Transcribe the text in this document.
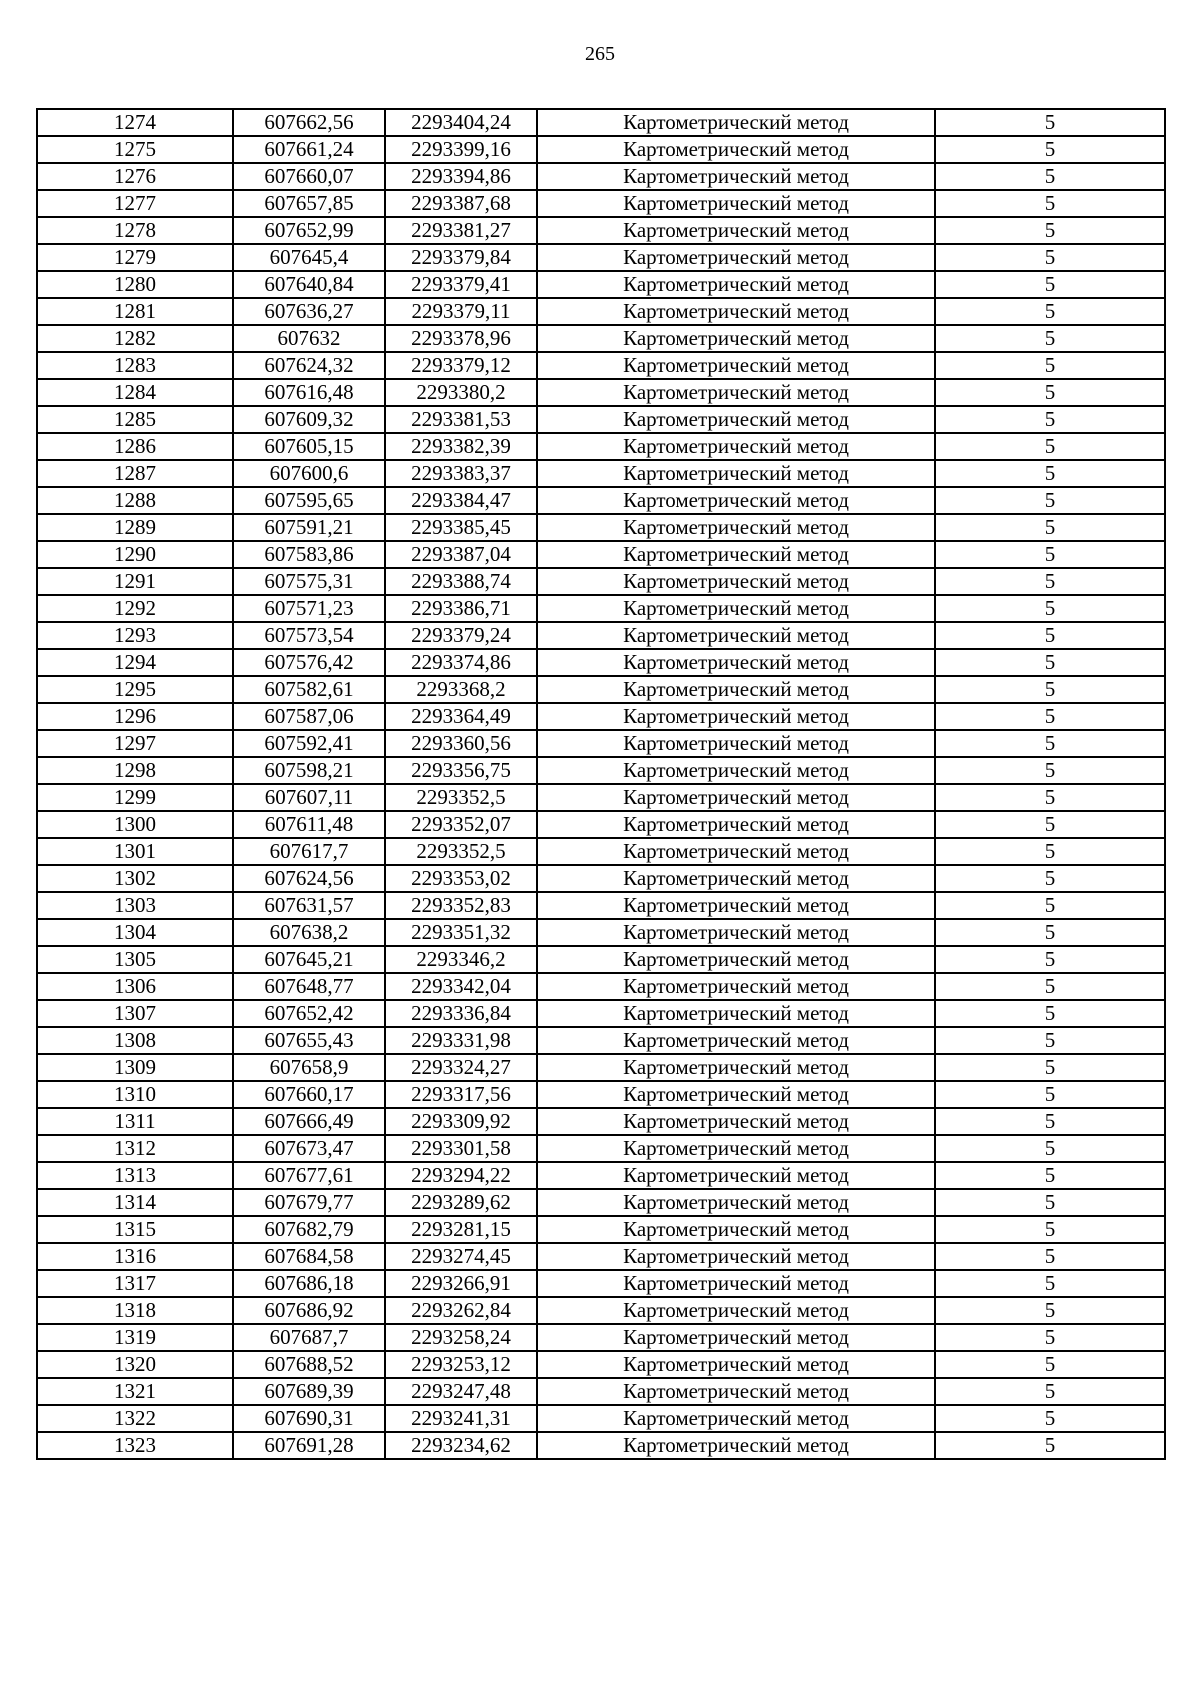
265
1274	607662,56	2293404,24	Картометрический метод	5
1275	607661,24	2293399,16	Картометрический метод	5
1276	607660,07	2293394,86	Картометрический метод	5
1277	607657,85	2293387,68	Картометрический метод	5
1278	607652,99	2293381,27	Картометрический метод	5
1279	607645,4	2293379,84	Картометрический метод	5
1280	607640,84	2293379,41	Картометрический метод	5
1281	607636,27	2293379,11	Картометрический метод	5
1282	607632	2293378,96	Картометрический метод	5
1283	607624,32	2293379,12	Картометрический метод	5
1284	607616,48	2293380,2	Картометрический метод	5
1285	607609,32	2293381,53	Картометрический метод	5
1286	607605,15	2293382,39	Картометрический метод	5
1287	607600,6	2293383,37	Картометрический метод	5
1288	607595,65	2293384,47	Картометрический метод	5
1289	607591,21	2293385,45	Картометрический метод	5
1290	607583,86	2293387,04	Картометрический метод	5
1291	607575,31	2293388,74	Картометрический метод	5
1292	607571,23	2293386,71	Картометрический метод	5
1293	607573,54	2293379,24	Картометрический метод	5
1294	607576,42	2293374,86	Картометрический метод	5
1295	607582,61	2293368,2	Картометрический метод	5
1296	607587,06	2293364,49	Картометрический метод	5
1297	607592,41	2293360,56	Картометрический метод	5
1298	607598,21	2293356,75	Картометрический метод	5
1299	607607,11	2293352,5	Картометрический метод	5
1300	607611,48	2293352,07	Картометрический метод	5
1301	607617,7	2293352,5	Картометрический метод	5
1302	607624,56	2293353,02	Картометрический метод	5
1303	607631,57	2293352,83	Картометрический метод	5
1304	607638,2	2293351,32	Картометрический метод	5
1305	607645,21	2293346,2	Картометрический метод	5
1306	607648,77	2293342,04	Картометрический метод	5
1307	607652,42	2293336,84	Картометрический метод	5
1308	607655,43	2293331,98	Картометрический метод	5
1309	607658,9	2293324,27	Картометрический метод	5
1310	607660,17	2293317,56	Картометрический метод	5
1311	607666,49	2293309,92	Картометрический метод	5
1312	607673,47	2293301,58	Картометрический метод	5
1313	607677,61	2293294,22	Картометрический метод	5
1314	607679,77	2293289,62	Картометрический метод	5
1315	607682,79	2293281,15	Картометрический метод	5
1316	607684,58	2293274,45	Картометрический метод	5
1317	607686,18	2293266,91	Картометрический метод	5
1318	607686,92	2293262,84	Картометрический метод	5
1319	607687,7	2293258,24	Картометрический метод	5
1320	607688,52	2293253,12	Картометрический метод	5
1321	607689,39	2293247,48	Картометрический метод	5
1322	607690,31	2293241,31	Картометрический метод	5
1323	607691,28	2293234,62	Картометрический метод	5
